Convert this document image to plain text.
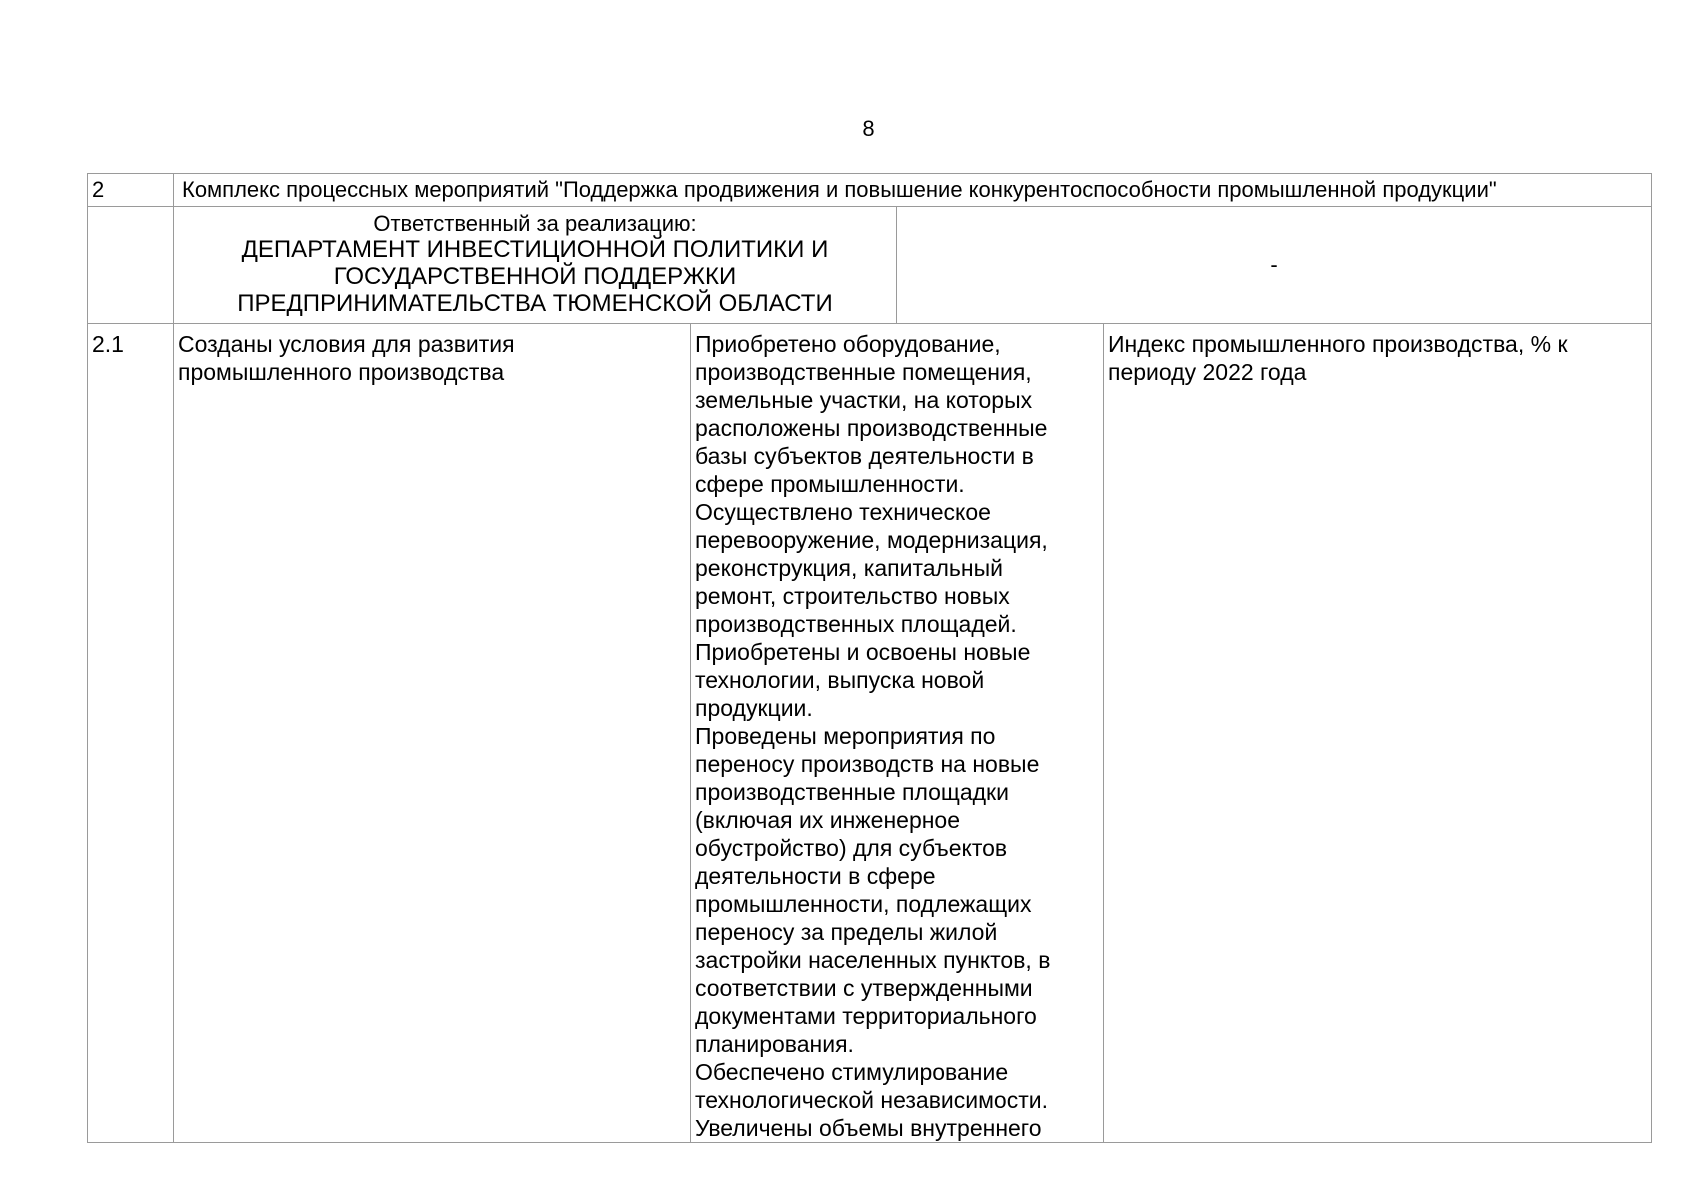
8
2	Комплекс процессных мероприятий "Поддержка продвижения и повышение конкурентоспособности промышленной продукции"
Ответственный за реализацию:
ДЕПАРТАМЕНТ ИНВЕСТИЦИОННОЙ ПОЛИТИКИ И
ГОСУДАРСТВЕННОЙ ПОДДЕРЖКИ
ПРЕДПРИНИМАТЕЛЬСТВА ТЮМЕНСКОЙ ОБЛАСТИ
-
2.1	Созданы условия для развития
промышленного производства
Приобретено оборудование,
производственные помещения,
земельные участки, на которых
расположены производственные
базы субъектов деятельности в
сфере промышленности.
Осуществлено техническое
перевооружение, модернизация,
реконструкция, капитальный
ремонт, строительство новых
производственных площадей.
Приобретены и освоены новые
технологии, выпуска новой
продукции.
Проведены мероприятия по
переносу производств на новые
производственные площадки
(включая их инженерное
обустройство) для субъектов
деятельности в сфере
промышленности, подлежащих
переносу за пределы жилой
застройки населенных пунктов, в
соответствии с утвержденными
документами территориального
планирования.
Обеспечено стимулирование
технологической независимости.
Увеличены объемы внутреннего
Индекс промышленного производства, % к
периоду 2022 года
